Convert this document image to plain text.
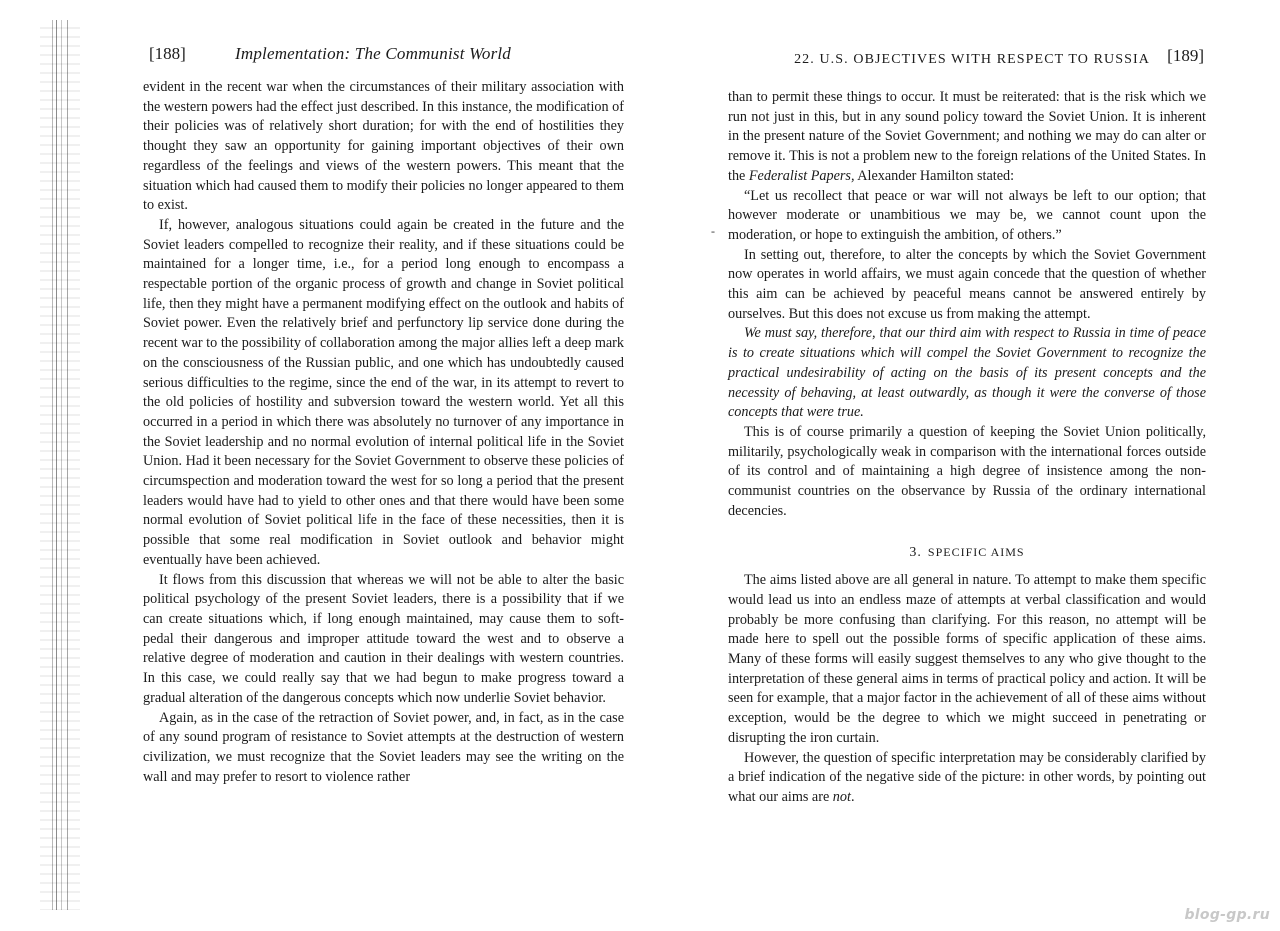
[188]	Implementation: The Communist World

evident in the recent war when the circumstances of their military association with the western powers had the effect just described. In this instance, the modification of their policies was of relatively short duration; for with the end of hostilities they thought they saw an opportunity for gaining important objectives of their own regardless of the feelings and views of the western powers. This meant that the situation which had caused them to modify their policies no longer appeared to them to exist.

If, however, analogous situations could again be created in the future and the Soviet leaders compelled to recognize their reality, and if these situations could be maintained for a longer time, i.e., for a period long enough to encompass a respectable portion of the organic process of growth and change in Soviet political life, then they might have a permanent modifying effect on the outlook and habits of Soviet power. Even the relatively brief and perfunctory lip service done during the recent war to the possibility of collaboration among the major allies left a deep mark on the consciousness of the Russian public, and one which has undoubtedly caused serious difficulties to the regime, since the end of the war, in its attempt to revert to the old policies of hostility and subversion toward the western world. Yet all this occurred in a period in which there was absolutely no turnover of any importance in the Soviet leadership and no normal evolution of internal political life in the Soviet Union. Had it been necessary for the Soviet Government to observe these policies of circumspection and moderation toward the west for so long a period that the present leaders would have had to yield to other ones and that there would have been some normal evolution of Soviet political life in the face of these necessities, then it is possible that some real modification in Soviet outlook and behavior might eventually have been achieved.

It flows from this discussion that whereas we will not be able to alter the basic political psychology of the present Soviet leaders, there is a possibility that if we can create situations which, if long enough maintained, may cause them to soft-pedal their dangerous and improper attitude toward the west and to observe a relative degree of moderation and caution in their dealings with western countries. In this case, we could really say that we had begun to make progress toward a gradual alteration of the dangerous concepts which now underlie Soviet behavior.

Again, as in the case of the retraction of Soviet power, and, in fact, as in the case of any sound program of resistance to Soviet attempts at the destruction of western civilization, we must recognize that the Soviet leaders may see the writing on the wall and may prefer to resort to violence rather

-
22. U.S. OBJECTIVES WITH RESPECT TO RUSSIA [189]

than to permit these things to occur. It must be reiterated: that is the risk which we run not just in this, but in any sound policy toward the Soviet Union. It is inherent in the present nature of the Soviet Government; and nothing we may do can alter or remove it. This is not a problem new to the foreign relations of the United States. In the Federalist Papers, Alexander Hamilton stated:

“Let us recollect that peace or war will not always be left to our option; that however moderate or unambitious we may be, we cannot count upon the moderation, or hope to extinguish the ambition, of others.”

In setting out, therefore, to alter the concepts by which the Soviet Government now operates in world affairs, we must again concede that the question of whether this aim can be achieved by peaceful means cannot be answered entirely by ourselves. But this does not excuse us from making the attempt.

We must say, therefore, that our third aim with respect to Russia in time of peace is to create situations which will compel the Soviet Government to recognize the practical undesirability of acting on the basis of its present concepts and the necessity of behaving, at least outwardly, as though it were the converse of those concepts that were true.

This is of course primarily a question of keeping the Soviet Union politically, militarily, psychologically weak in comparison with the international forces outside of its control and of maintaining a high degree of insistence among the non-communist countries on the observance by Russia of the ordinary international decencies.

3. SPECIFIC AIMS

The aims listed above are all general in nature. To attempt to make them specific would lead us into an endless maze of attempts at verbal classification and would probably be more confusing than clarifying. For this reason, no attempt will be made here to spell out the possible forms of specific application of these aims. Many of these forms will easily suggest themselves to any who give thought to the interpretation of these general aims in terms of practical policy and action. It will be seen for example, that a major factor in the achievement of all of these aims without exception, would be the degree to which we might succeed in penetrating or disrupting the iron curtain.

However, the question of specific interpretation may be considerably clarified by a brief indication of the negative side of the picture: in other words, by pointing out what our aims are not.

blog-gp.ru
